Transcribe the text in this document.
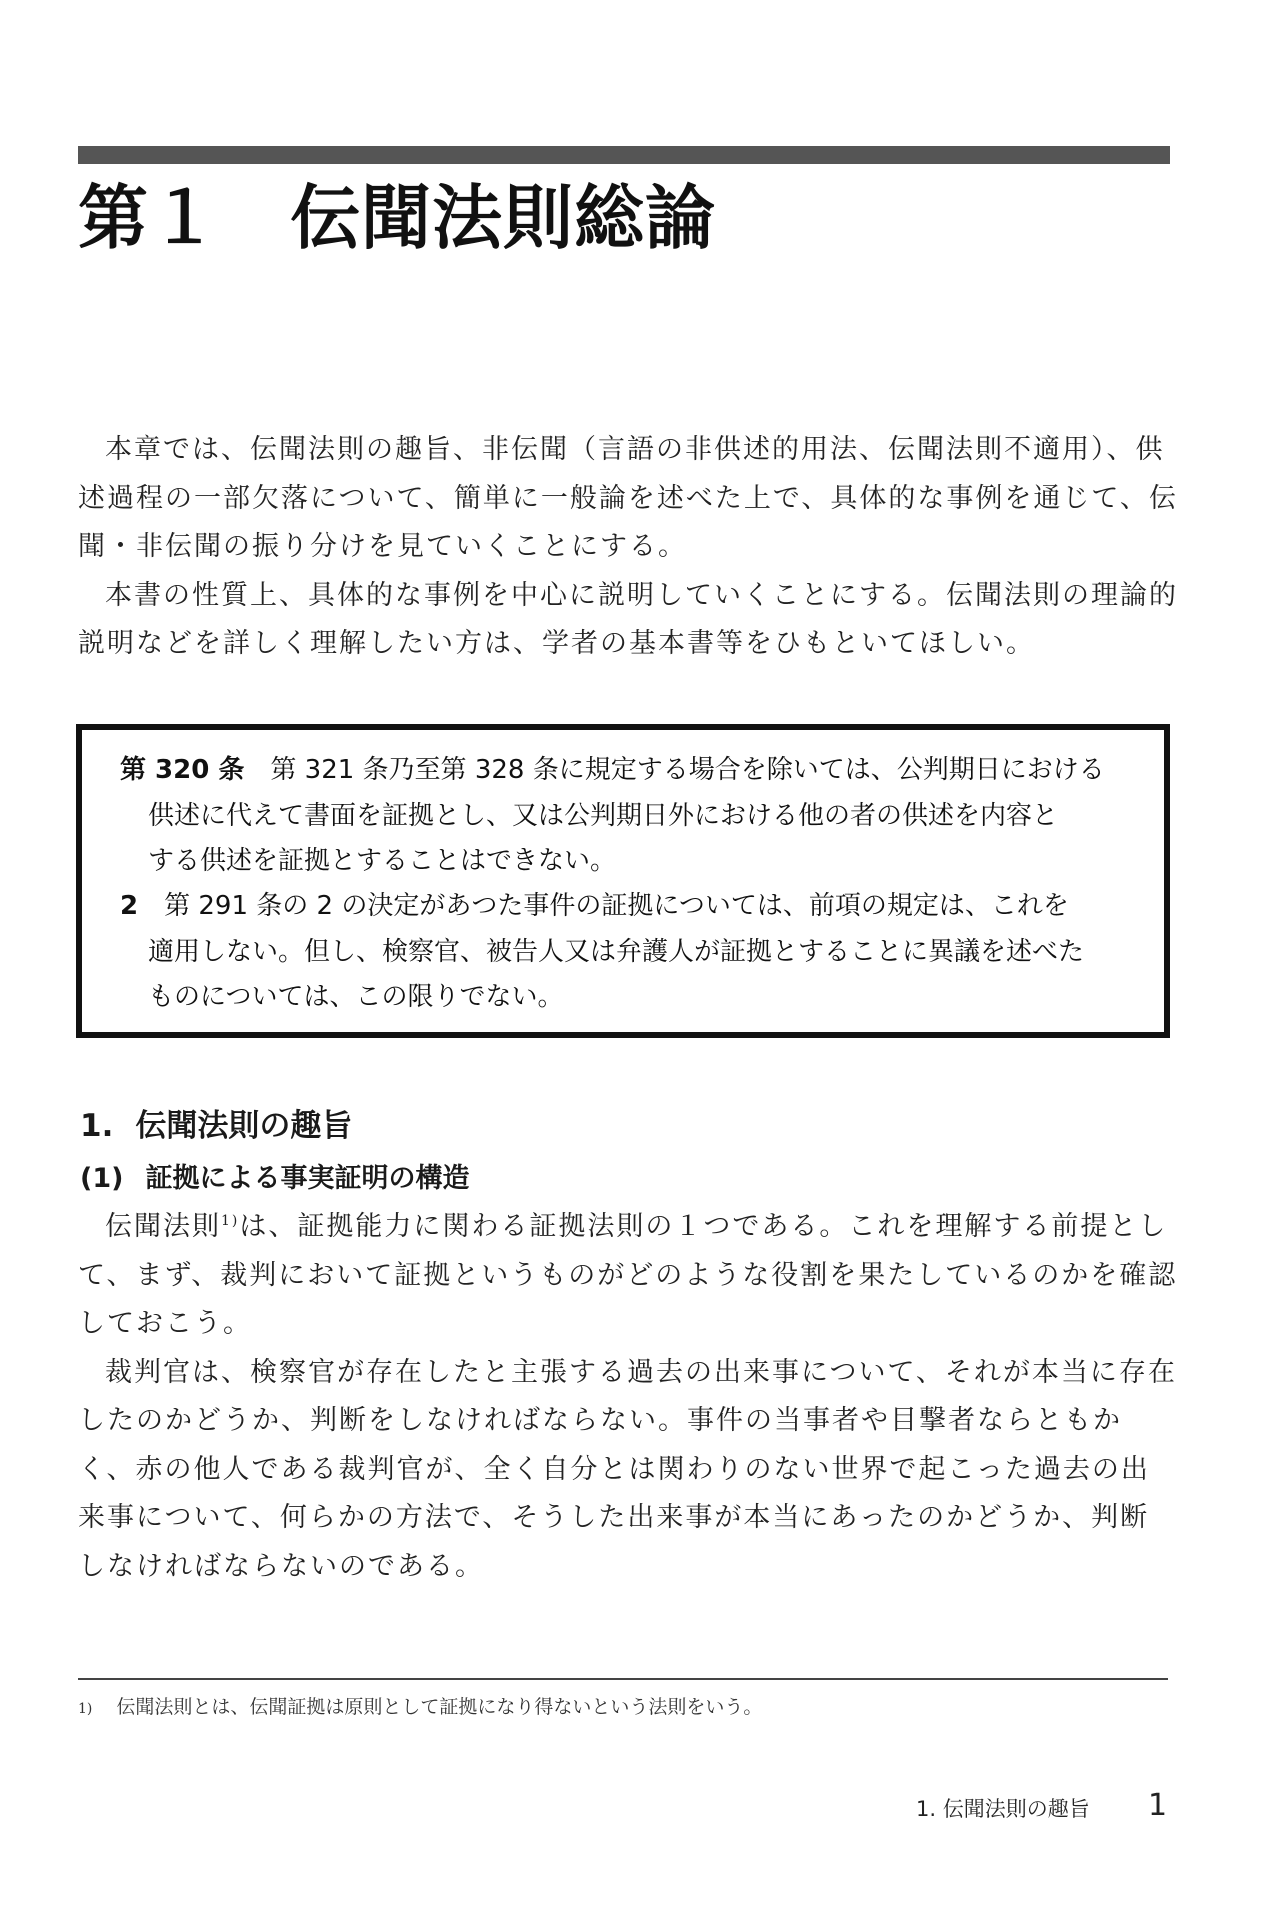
第１ 伝聞法則総論

本章では、伝聞法則の趣旨、非伝聞（言語の非供述的用法、伝聞法則不適用）、供述過程の一部欠落について、簡単に一般論を述べた上で、具体的な事例を通じて、伝聞・非伝聞の振り分けを見ていくことにする。

本書の性質上、具体的な事例を中心に説明していくことにする。伝聞法則の理論的説明などを詳しく理解したい方は、学者の基本書等をひもといてほしい。

第 320 条　 第 321 条乃至第 328 条に規定する場合を除いては、公判期日における
供述に代えて書面を証拠とし、又は公判期日外における他の者の供述を内容と
する供述を証拠とすることはできない。
2　 第 291 条の 2 の決定があつた事件の証拠については、前項の規定は、これを
適用しない。但し、検察官、被告人又は弁護人が証拠とすることに異議を述べた
ものについては、この限りでない。
1. 伝聞法則の趣旨
(1) 証拠による事実証明の構造

伝聞法則$^{1)}$は、証拠能力に関わる証拠法則の１つである。これを理解する前提として、まず、裁判において証拠というものがどのような役割を果たしているのかを確認しておこう。

裁判官は、検察官が存在したと主張する過去の出来事について、それが本当に存在したのかどうか、判断をしなければならない。事件の当事者や目撃者ならともかく、赤の他人である裁判官が、全く自分とは関わりのない世界で起こった過去の出来事について、何らかの方法で、そうした出来事が本当にあったのかどうか、判断しなければならないのである。

1) 伝聞法則とは、伝聞証拠は原則として証拠になり得ないという法則をいう。
1. 伝聞法則の趣旨 1
